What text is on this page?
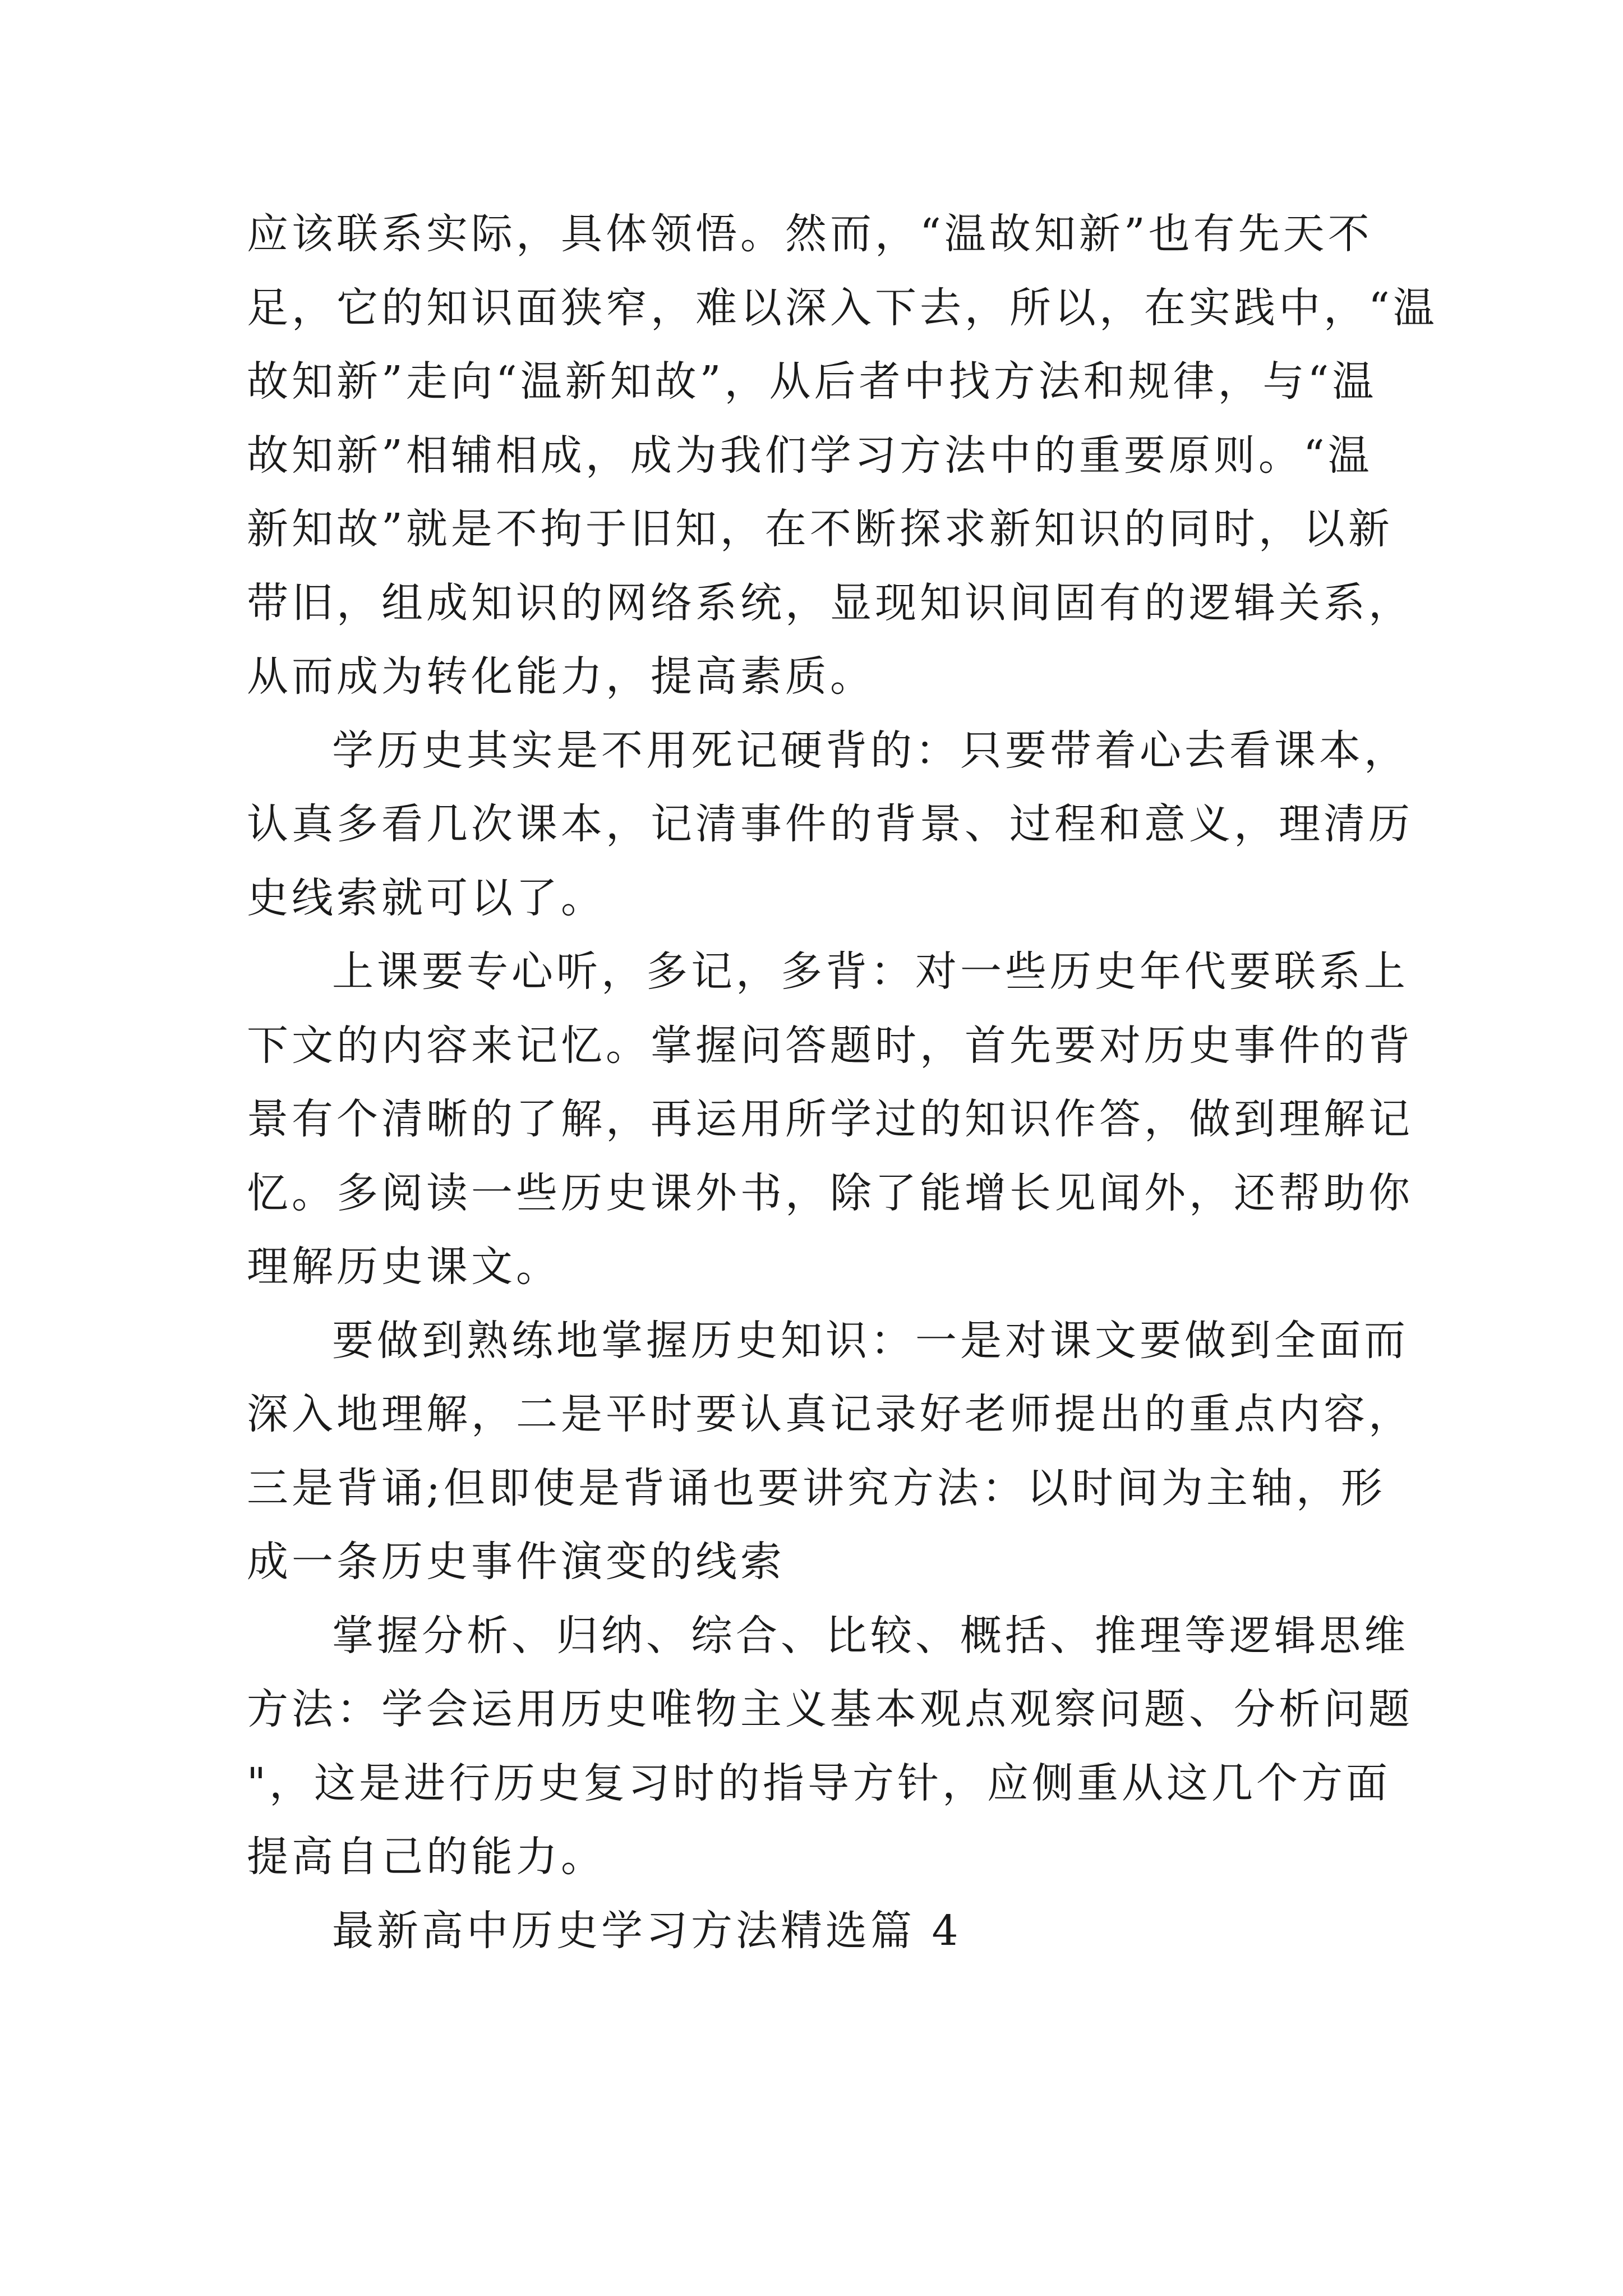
应该联系实际，具体领悟。然而，“温故知新”也有先天不
足，它的知识面狭窄，难以深入下去，所以，在实践中，“温
故知新”走向“温新知故”，从后者中找方法和规律，与“温
故知新”相辅相成，成为我们学习方法中的重要原则。“温
新知故”就是不拘于旧知，在不断探求新知识的同时，以新
带旧，组成知识的网络系统，显现知识间固有的逻辑关系，
从而成为转化能力，提高素质。
学历史其实是不用死记硬背的：只要带着心去看课本，
认真多看几次课本，记清事件的背景、过程和意义，理清历
史线索就可以了。
上课要专心听，多记，多背：对一些历史年代要联系上
下文的内容来记忆。掌握问答题时，首先要对历史事件的背
景有个清晰的了解，再运用所学过的知识作答，做到理解记
忆。多阅读一些历史课外书，除了能增长见闻外，还帮助你
理解历史课文。
要做到熟练地掌握历史知识：一是对课文要做到全面而
深入地理解，二是平时要认真记录好老师提出的重点内容，
三是背诵;但即使是背诵也要讲究方法：以时间为主轴，形
成一条历史事件演变的线索
掌握分析、归纳、综合、比较、概括、推理等逻辑思维
方法：学会运用历史唯物主义基本观点观察问题、分析问题
"，这是进行历史复习时的指导方针，应侧重从这几个方面
提高自己的能力。
最新高中历史学习方法精选篇 4
